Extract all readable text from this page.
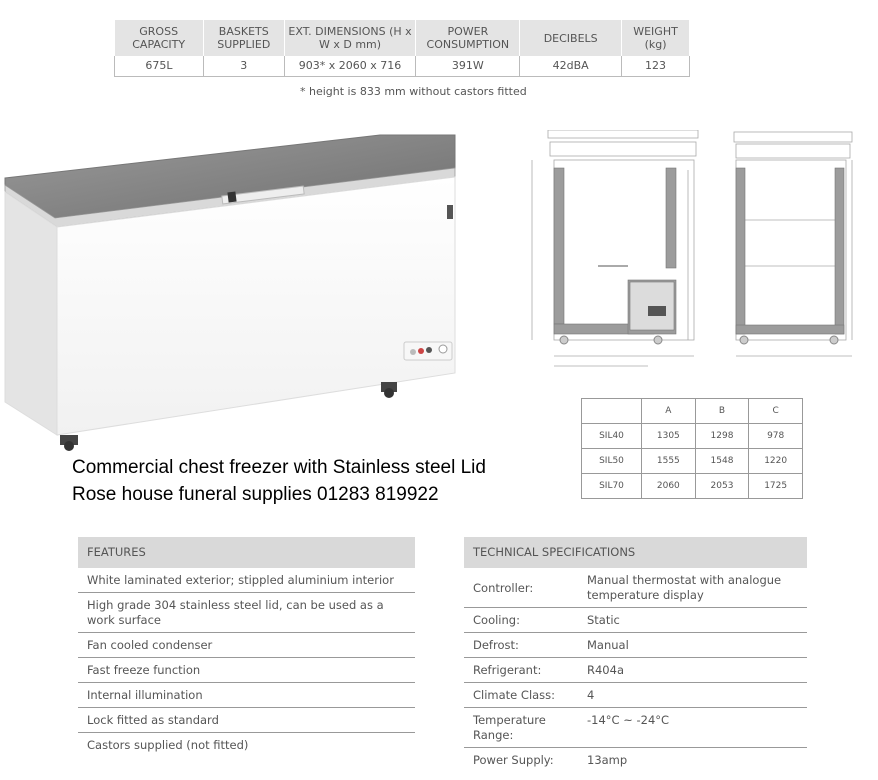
GROSS CAPACITY	BASKETS SUPPLIED	EXT. DIMENSIONS (H x W x D mm)	POWER CONSUMPTION	DECIBELS	WEIGHT (kg)
675L	3	903* x 2060 x 716	391W	42dBA	123
* height is 833 mm without castors fitted
	A	B	C
SIL40	1305	1298	978
SIL50	1555	1548	1220
SIL70	2060	2053	1725
Commercial chest freezer with Stainless steel Lid
Rose house funeral supplies 01283 819922
FEATURES
White laminated exterior; stippled aluminium interior
High grade 304 stainless steel lid, can be used as a work surface
Fan cooled condenser
Fast freeze function
Internal illumination
Lock fitted as standard
Castors supplied (not fitted)
TECHNICAL SPECIFICATIONS
Controller:
Manual thermostat with analogue temperature display
Cooling:	Static
Defrost:	Manual
Refrigerant:	R404a
Climate Class:	4
Temperature Range:
-14°C ~ -24°C
Power Supply:	13amp
